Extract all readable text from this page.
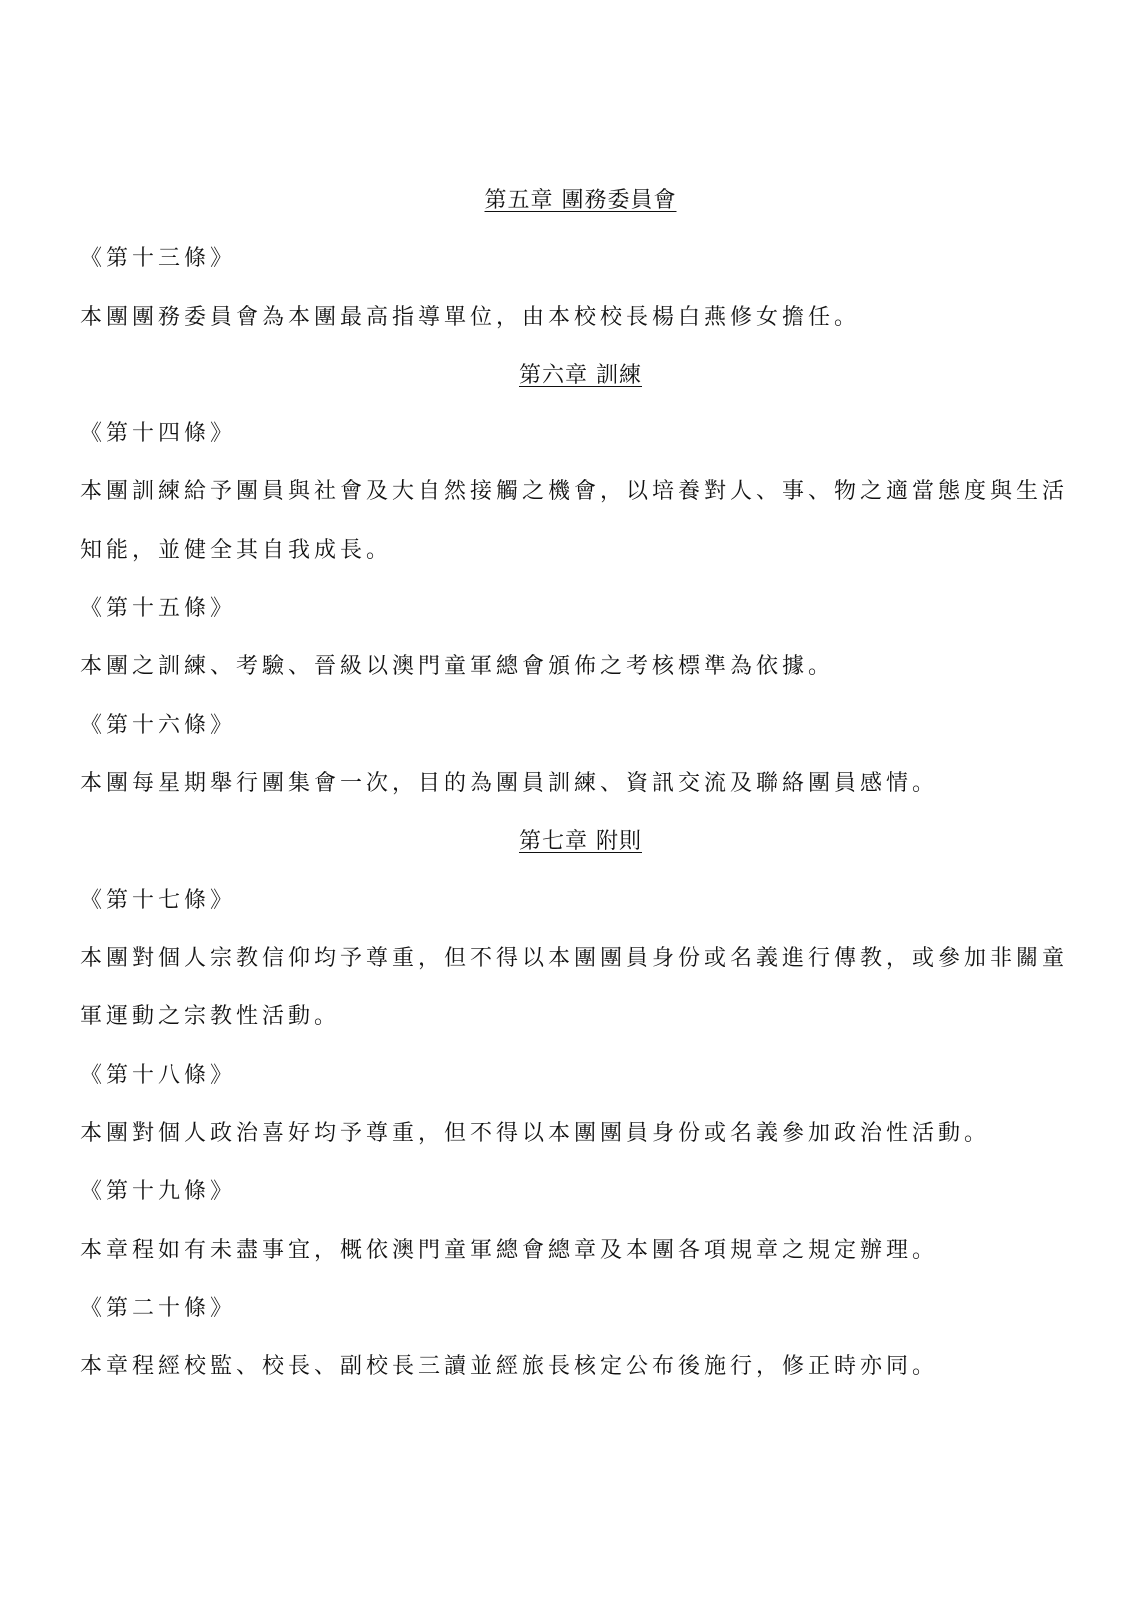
第五章 團務委員會
《第十三條》
本團團務委員會為本團最高指導單位，由本校校長楊白燕修女擔任。
第六章 訓練
《第十四條》
本團訓練給予團員與社會及大自然接觸之機會，以培養對人、事、物之適當態度與生活
知能，並健全其自我成長。
《第十五條》
本團之訓練、考驗、晉級以澳門童軍總會頒佈之考核標準為依據。
《第十六條》
本團每星期舉行團集會一次，目的為團員訓練、資訊交流及聯絡團員感情。
第七章 附則
《第十七條》
本團對個人宗教信仰均予尊重，但不得以本團團員身份或名義進行傳教，或參加非關童
軍運動之宗教性活動。
《第十八條》
本團對個人政治喜好均予尊重，但不得以本團團員身份或名義參加政治性活動。
《第十九條》
本章程如有未盡事宜，概依澳門童軍總會總章及本團各項規章之規定辦理。
《第二十條》
本章程經校監、校長、副校長三讀並經旅長核定公布後施行，修正時亦同。
